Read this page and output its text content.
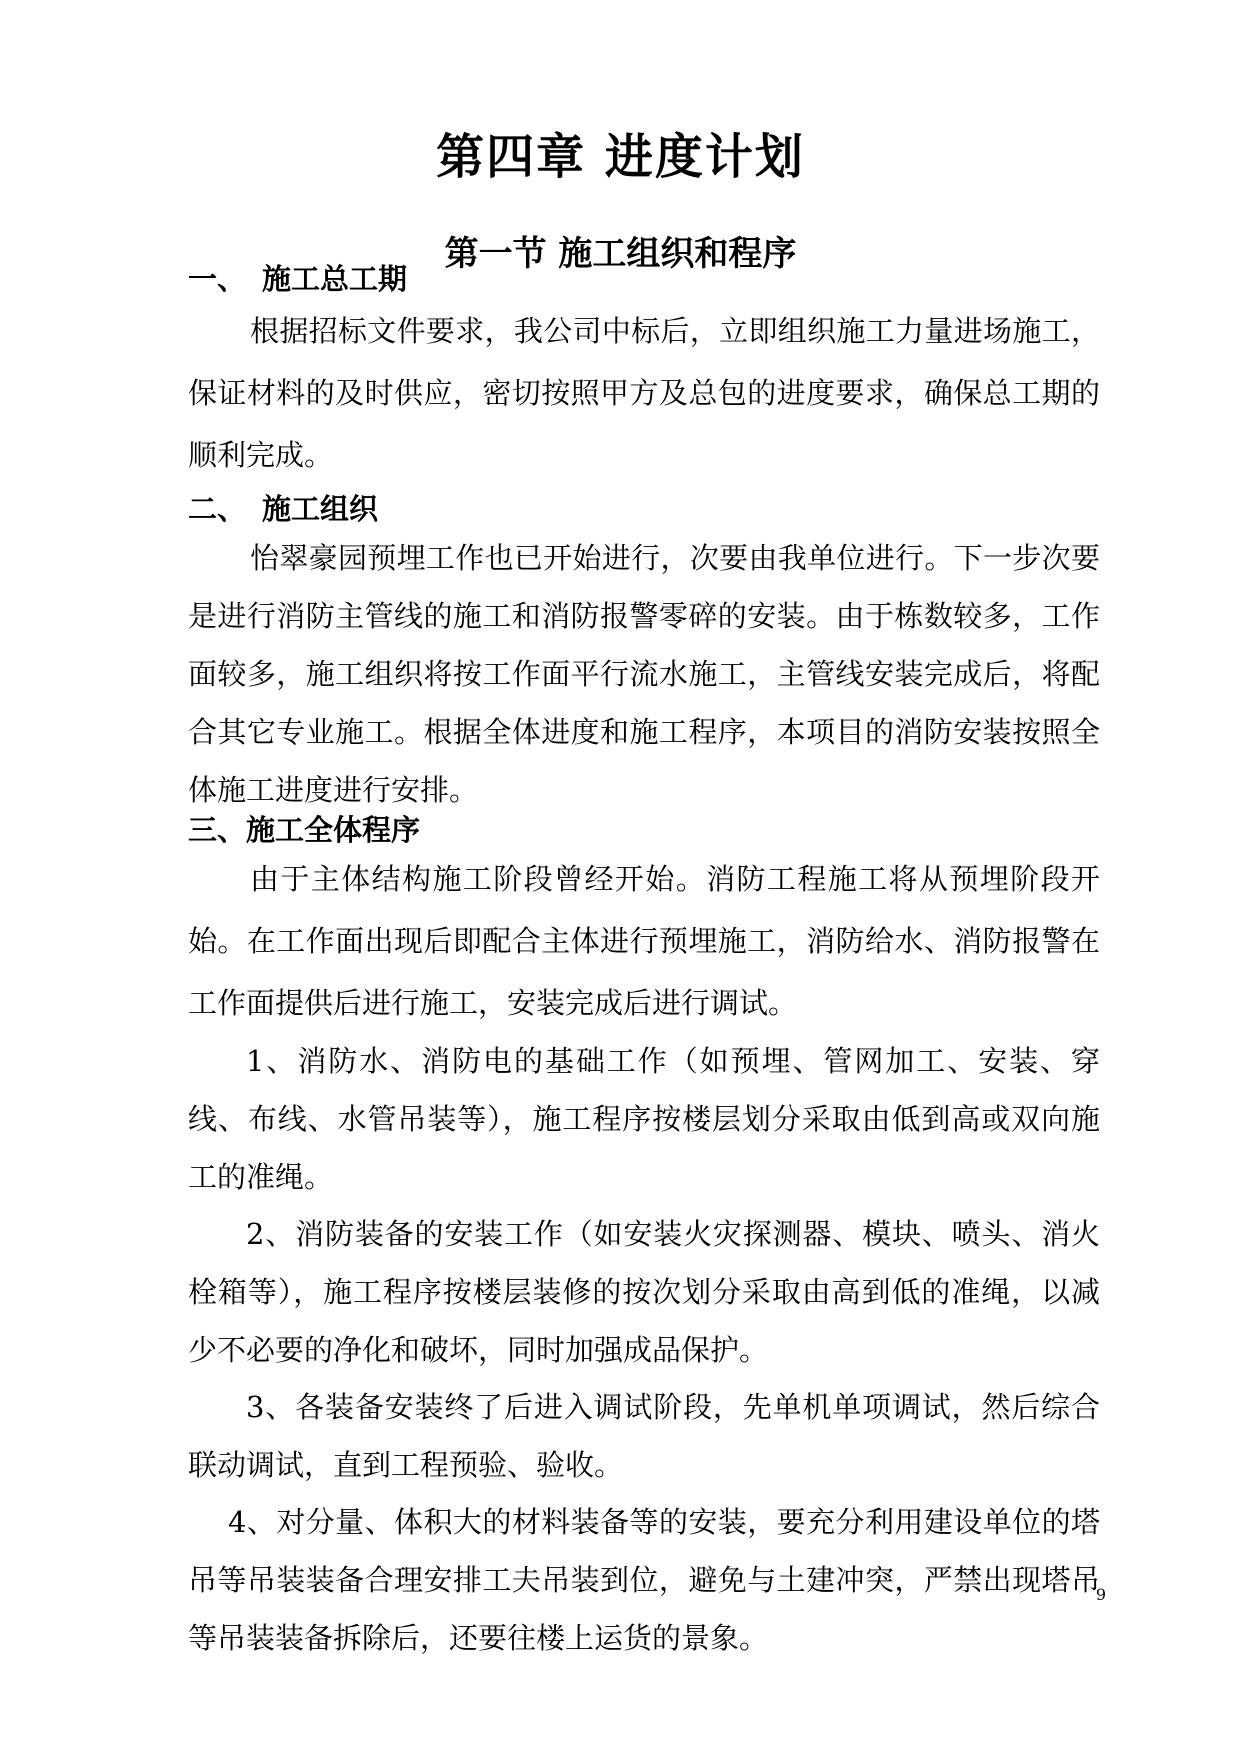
第四章 进度计划
第一节 施工组织和程序
一、 施工总工期

根据招标文件要求，我公司中标后，立即组织施工力量进场施工，保证材料的及时供应，密切按照甲方及总包的进度要求，确保总工期的顺利完成。

二、 施工组织

怡翠豪园预埋工作也已开始进行，次要由我单位进行。下一步次要是进行消防主管线的施工和消防报警零碎的安装。由于栋数较多，工作面较多，施工组织将按工作面平行流水施工，主管线安装完成后，将配合其它专业施工。根据全体进度和施工程序，本项目的消防安装按照全体施工进度进行安排。

三、施工全体程序

由于主体结构施工阶段曾经开始。消防工程施工将从预埋阶段开始。在工作面出现后即配合主体进行预埋施工，消防给水、消防报警在工作面提供后进行施工，安装完成后进行调试。

1、消防水、消防电的基础工作（如预埋、管网加工、安装、穿线、布线、水管吊装等），施工程序按楼层划分采取由低到高或双向施工的准绳。

2、消防装备的安装工作（如安装火灾探测器、模块、喷头、消火栓箱等），施工程序按楼层装修的按次划分采取由高到低的准绳，以减少不必要的净化和破坏，同时加强成品保护。

3、各装备安装终了后进入调试阶段，先单机单项调试，然后综合联动调试，直到工程预验、验收。

4、对分量、体积大的材料装备等的安装，要充分利用建设单位的塔吊等吊装装备合理安排工夫吊装到位，避免与土建冲突，严禁出现塔吊等吊装装备拆除后，还要往楼上运货的景象。

9
